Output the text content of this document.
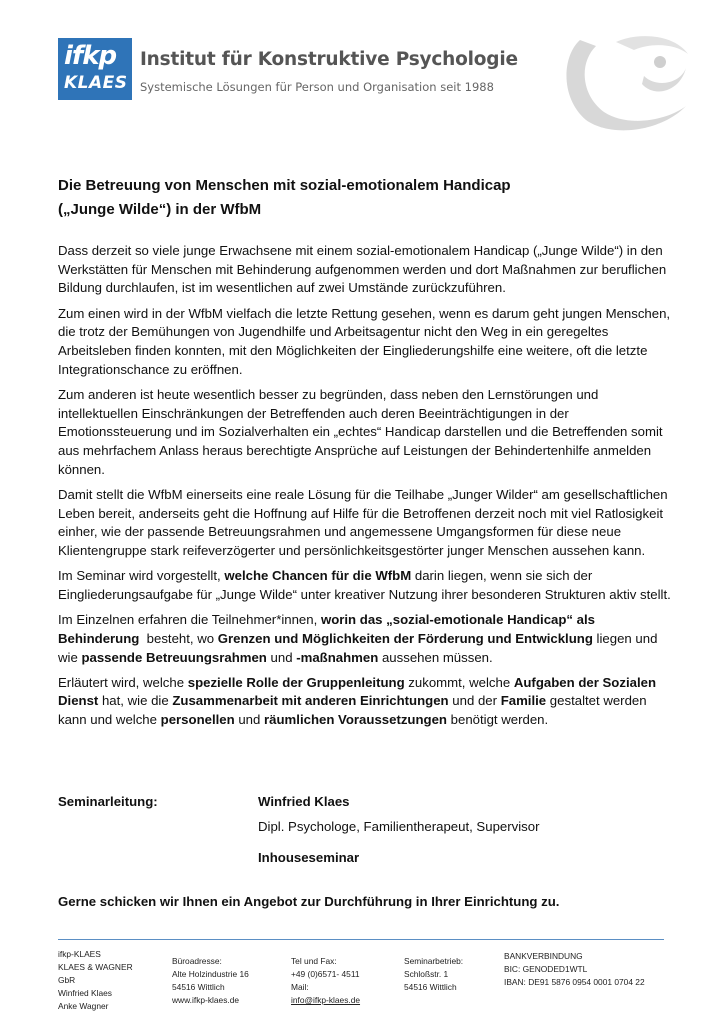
ifkp
KLAES
Institut für Konstruktive Psychologie
Systemische Lösungen für Person und Organisation seit 1988
Die Betreuung von Menschen mit sozial-emotionalem Handicap
(„Junge Wilde“) in der WfbM

Dass derzeit so viele junge Erwachsene mit einem sozial-emotionalem Handicap („Junge Wilde“) in den Werkstätten für Menschen mit Behinderung aufgenommen werden und dort Maßnahmen zur beruflichen Bildung durchlaufen, ist im wesentlichen auf zwei Umstände zurückzuführen.

Zum einen wird in der WfbM vielfach die letzte Rettung gesehen, wenn es darum geht jungen Menschen, die trotz der Bemühungen von Jugendhilfe und Arbeitsagentur nicht den Weg in ein geregeltes Arbeitsleben finden konnten, mit den Möglichkeiten der Eingliederungshilfe eine weitere, oft die letzte Integrationschance zu eröffnen.

Zum anderen ist heute wesentlich besser zu begründen, dass neben den Lernstörungen und intellektuellen Einschränkungen der Betreffenden auch deren Beeinträchtigungen in der Emotionssteuerung und im Sozialverhalten ein „echtes“ Handicap darstellen und die Betreffenden somit aus mehrfachem Anlass heraus berechtigte Ansprüche auf Leistungen der Behindertenhilfe anmelden können.

Damit stellt die WfbM einerseits eine reale Lösung für die Teilhabe „Junger Wilder“ am gesellschaftlichen    Leben bereit, anderseits geht die Hoffnung auf Hilfe für die Betroffenen derzeit noch mit viel Ratlosigkeit einher, wie der passende Betreuungsrahmen und angemessene Umgangsformen für diese neue Klientengruppe stark reifeverzögerter und persönlichkeitsgestörter junger Menschen aussehen kann.

Im Seminar wird vorgestellt, welche Chancen für die WfbM darin liegen, wenn sie sich der Eingliederungsaufgabe für „Junge Wilde“ unter kreativer Nutzung ihrer besonderen Strukturen aktiv stellt.

Im Einzelnen erfahren die Teilnehmer*innen, worin das „sozial-emotionale Handicap“ als Behinderung  besteht, wo Grenzen und Möglichkeiten der Förderung und Entwicklung liegen und wie passende Betreuungsrahmen und -maßnahmen aussehen müssen.

Erläutert wird, welche spezielle Rolle der Gruppenleitung zukommt, welche Aufgaben der Sozialen Dienst hat, wie die Zusammenarbeit mit anderen Einrichtungen und der Familie gestaltet werden kann und welche personellen und räumlichen Voraussetzungen benötigt werden.

Seminarleitung:	Winfried Klaes
Dipl. Psychologe, Familientherapeut, Supervisor
Inhouseseminar
Gerne schicken wir Ihnen ein Angebot zur Durchführung in Ihrer Einrichtung zu.
ifkp-KLAES
KLAES & WAGNER
GbR
Winfried Klaes
Anke Wagner
Büroadresse:
Alte Holzindustrie 16
54516 Wittlich
www.ifkp-klaes.de
Tel und Fax:
+49 (0)6571- 4511
Mail:
info@ifkp-klaes.de
Seminarbetrieb:
Schloßstr. 1
54516 Wittlich
BANKVERBINDUNG
BIC: GENODED1WTL
IBAN: DE91 5876 0954 0001 0704 22
